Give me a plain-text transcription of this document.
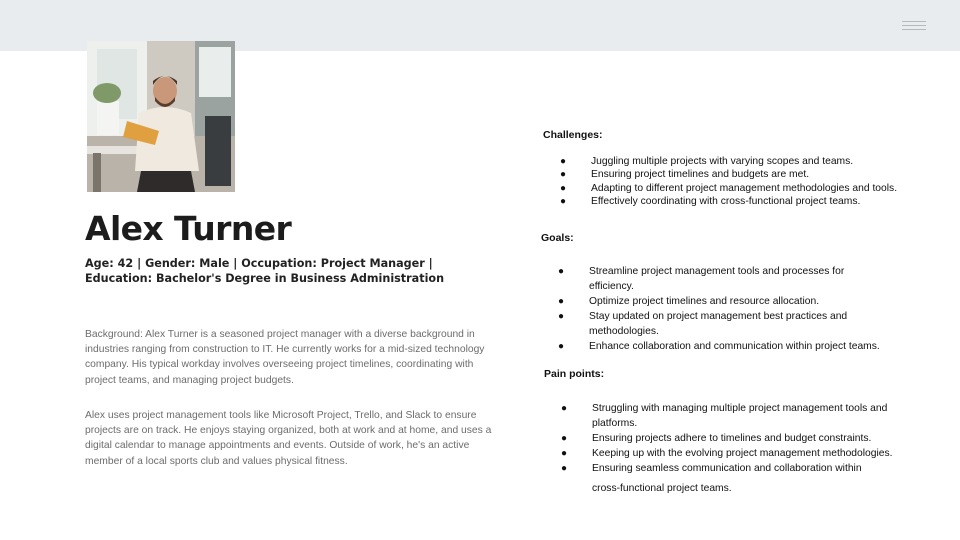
Alex Turner
Age: 42 | Gender: Male | Occupation: Project Manager |
Education: Bachelor's Degree in Business Administration

Background: Alex Turner is a seasoned project manager with a diverse background in industries ranging from construction to IT. He currently works for a mid-sized technology company. His typical workday involves overseeing project timelines, coordinating with project teams, and managing project budgets.

Alex uses project management tools like Microsoft Project, Trello, and Slack to ensure projects are on track. He enjoys staying organized, both at work and at home, and uses a digital calendar to manage appointments and events. Outside of work, he's an active member of a local sports club and values physical fitness.

Challenges:
● Juggling multiple projects with varying scopes and teams.
● Ensuring project timelines and budgets are met.
● Adapting to different project management methodologies and tools.
● Effectively coordinating with cross-functional project teams.
Goals:
● Streamline project management tools and processes for efficiency.
● Optimize project timelines and resource allocation.
● Stay updated on project management best practices and methodologies.
● Enhance collaboration and communication within project teams.
Pain points:
● Struggling with managing multiple project management tools and platforms.
● Ensuring projects adhere to timelines and budget constraints.
● Keeping up with the evolving project management methodologies.
● Ensuring seamless communication and collaboration within
cross-functional project teams.
